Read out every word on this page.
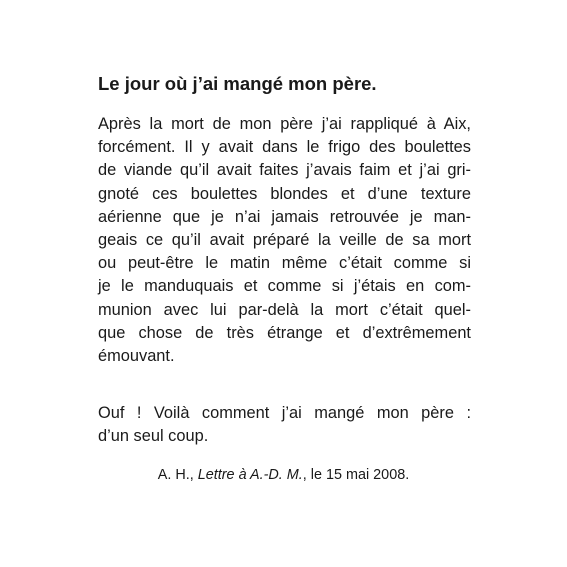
Le jour où j’ai mangé mon père.

Après la mort de mon père j’ai rappliqué à Aix,
forcément. Il y avait dans le frigo des boulettes
de viande qu’il avait faites j’avais faim et j’ai gri-
gnoté ces boulettes blondes et d’une texture
aérienne que je n’ai jamais retrouvée je man-
geais ce qu’il avait préparé la veille de sa mort
ou peut-être le matin même c’était comme si
je le manduquais et comme si j’étais en com-
munion avec lui par-delà la mort c’était quel-
que chose de très étrange et d’extrêmement
émouvant.

Ouf ! Voilà comment j’ai mangé mon père :
d’un seul coup.

A. H., Lettre à A.-D. M., le 15 mai 2008.
